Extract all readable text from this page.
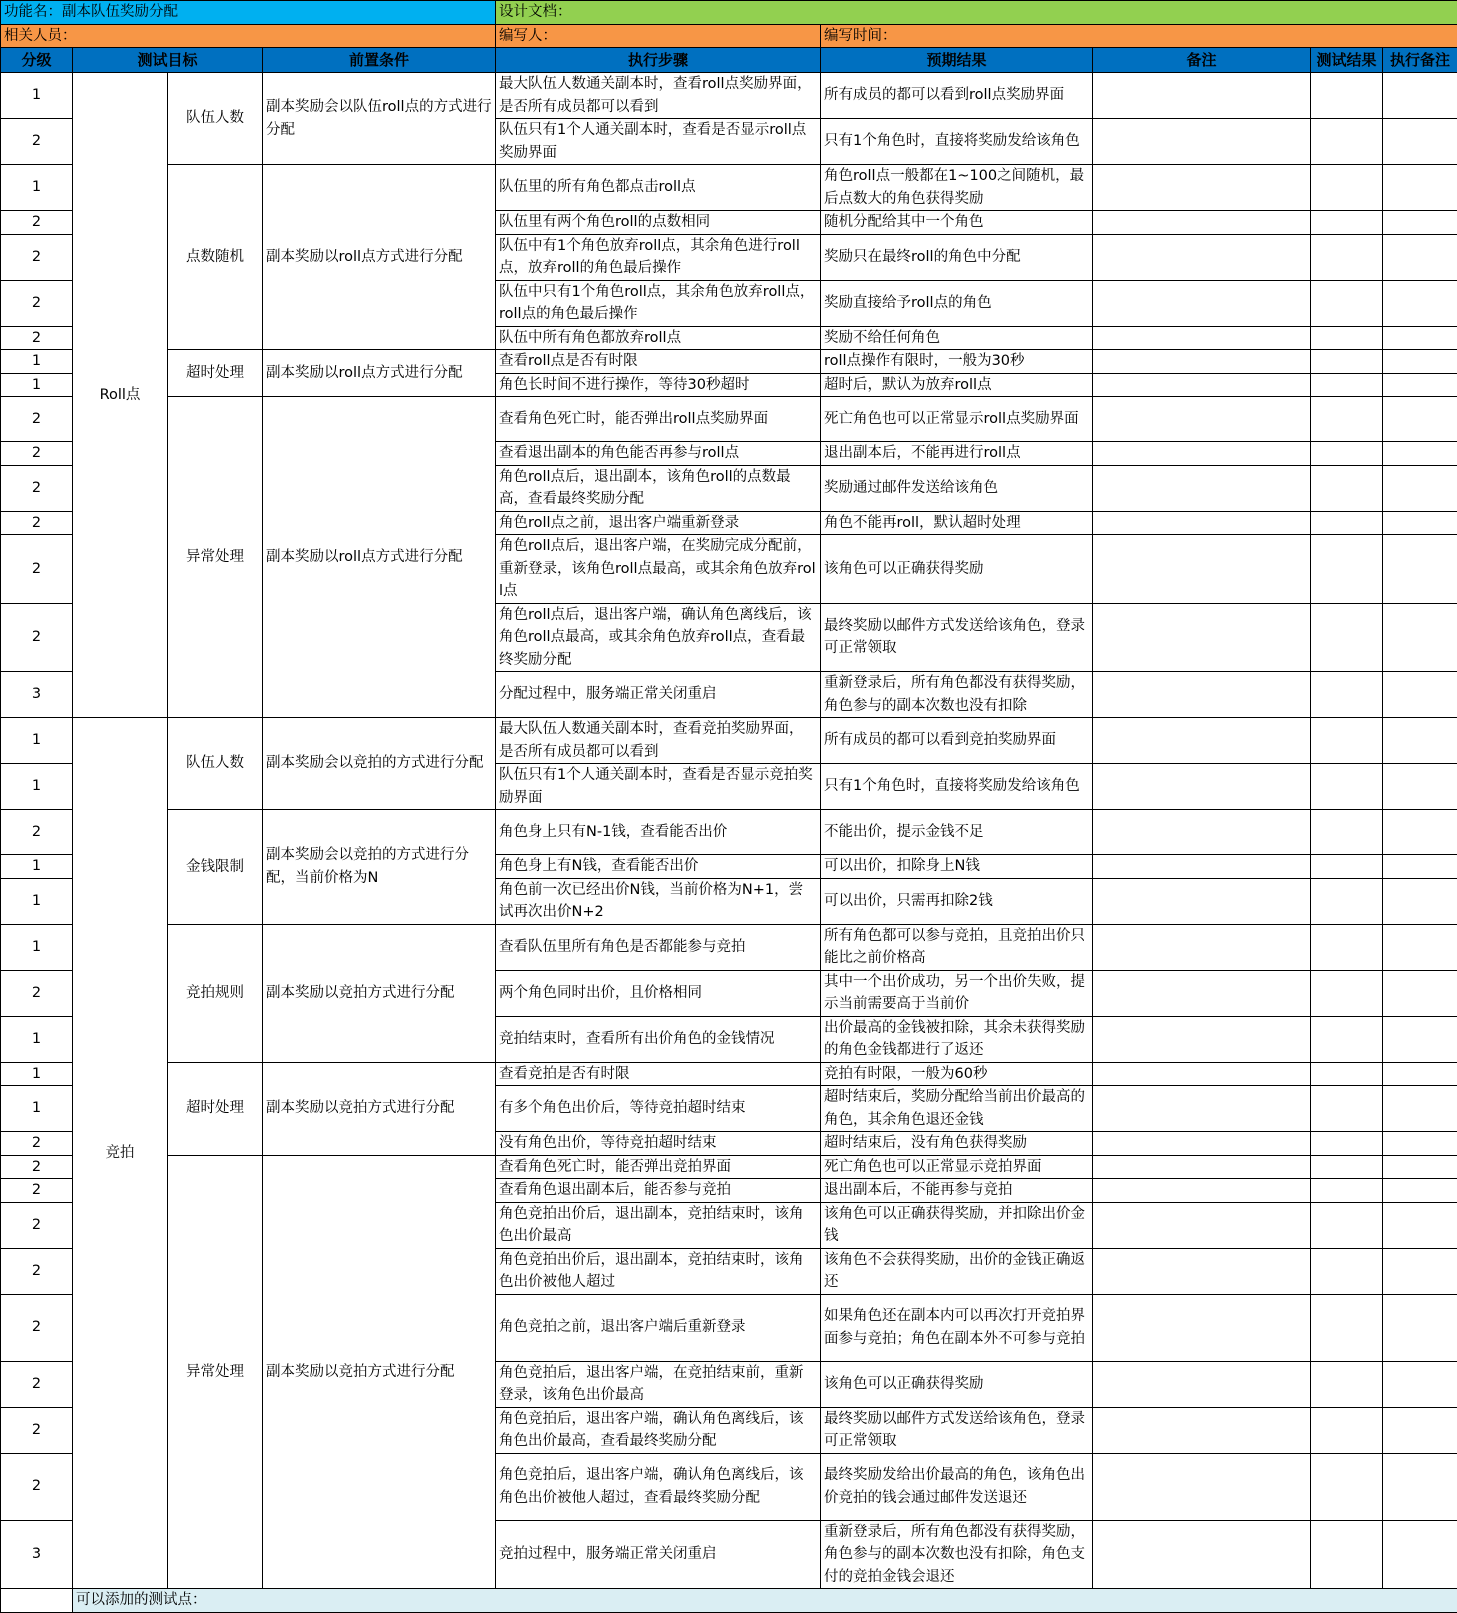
功能名：副本队伍奖励分配				设计文档：				
相关人员：				编写人：	编写时间：			
分级	测试目标		前置条件	执行步骤	预期结果	备注	测试结果	执行备注
1	Roll点	队伍人数	副本奖励会以队伍roll点的方式进行分配	最大队伍人数通关副本时，查看roll点奖励界面，是否所有成员都可以看到	所有成员的都可以看到roll点奖励界面			
2				队伍只有1个人通关副本时，查看是否显示roll点奖励界面	只有1个角色时，直接将奖励发给该角色			
1		点数随机	副本奖励以roll点方式进行分配	队伍里的所有角色都点击roll点	角色roll点一般都在1~100之间随机，最后点数大的角色获得奖励			
2				队伍里有两个角色roll的点数相同	随机分配给其中一个角色			
2				队伍中有1个角色放弃roll点，其余角色进行roll点，放弃roll的角色最后操作	奖励只在最终roll的角色中分配			
2				队伍中只有1个角色roll点，其余角色放弃roll点，roll点的角色最后操作	奖励直接给予roll点的角色			
2				队伍中所有角色都放弃roll点	奖励不给任何角色			
1		超时处理	副本奖励以roll点方式进行分配	查看roll点是否有时限	roll点操作有限时，一般为30秒			
1				角色长时间不进行操作，等待30秒超时	超时后，默认为放弃roll点			
2		异常处理	副本奖励以roll点方式进行分配	查看角色死亡时，能否弹出roll点奖励界面	死亡角色也可以正常显示roll点奖励界面			
2				查看退出副本的角色能否再参与roll点	退出副本后，不能再进行roll点			
2				角色roll点后，退出副本，该角色roll的点数最高，查看最终奖励分配	奖励通过邮件发送给该角色			
2				角色roll点之前，退出客户端重新登录	角色不能再roll，默认超时处理			
2				角色roll点后，退出客户端，在奖励完成分配前，重新登录，该角色roll点最高，或其余角色放弃roll点	该角色可以正确获得奖励			
2				角色roll点后，退出客户端，确认角色离线后，该角色roll点最高，或其余角色放弃roll点，查看最终奖励分配	最终奖励以邮件方式发送给该角色，登录可正常领取			
3				分配过程中，服务端正常关闭重启	重新登录后，所有角色都没有获得奖励，角色参与的副本次数也没有扣除			
1	竞拍	队伍人数	副本奖励会以竞拍的方式进行分配	最大队伍人数通关副本时，查看竞拍奖励界面，是否所有成员都可以看到	所有成员的都可以看到竞拍奖励界面			
1				队伍只有1个人通关副本时，查看是否显示竞拍奖励界面	只有1个角色时，直接将奖励发给该角色			
2		金钱限制	副本奖励会以竞拍的方式进行分配，当前价格为N	角色身上只有N-1钱，查看能否出价	不能出价，提示金钱不足			
1				角色身上有N钱，查看能否出价	可以出价，扣除身上N钱			
1				角色前一次已经出价N钱，当前价格为N+1，尝试再次出价N+2	可以出价，只需再扣除2钱			
1		竞拍规则	副本奖励以竞拍方式进行分配	查看队伍里所有角色是否都能参与竞拍	所有角色都可以参与竞拍，且竞拍出价只能比之前价格高			
2				两个角色同时出价，且价格相同	其中一个出价成功，另一个出价失败，提示当前需要高于当前价			
1				竞拍结束时，查看所有出价角色的金钱情况	出价最高的金钱被扣除，其余未获得奖励的角色金钱都进行了返还			
1		超时处理	副本奖励以竞拍方式进行分配	查看竞拍是否有时限	竞拍有时限，一般为60秒			
1				有多个角色出价后，等待竞拍超时结束	超时结束后，奖励分配给当前出价最高的角色，其余角色退还金钱			
2				没有角色出价，等待竞拍超时结束	超时结束后，没有角色获得奖励			
2		异常处理	副本奖励以竞拍方式进行分配	查看角色死亡时，能否弹出竞拍界面	死亡角色也可以正常显示竞拍界面			
2				查看角色退出副本后，能否参与竞拍	退出副本后，不能再参与竞拍			
2				角色竞拍出价后，退出副本，竞拍结束时，该角色出价最高	该角色可以正确获得奖励，并扣除出价金钱			
2				角色竞拍出价后，退出副本，竞拍结束时，该角色出价被他人超过	该角色不会获得奖励，出价的金钱正确返还			
2				角色竞拍之前，退出客户端后重新登录	如果角色还在副本内可以再次打开竞拍界面参与竞拍；角色在副本外不可参与竞拍			
2				角色竞拍后，退出客户端，在竞拍结束前，重新登录，该角色出价最高	该角色可以正确获得奖励			
2				角色竞拍后，退出客户端，确认角色离线后，该角色出价最高，查看最终奖励分配	最终奖励以邮件方式发送给该角色，登录可正常领取			
2				角色竞拍后，退出客户端，确认角色离线后，该角色出价被他人超过，查看最终奖励分配	最终奖励发给出价最高的角色，该角色出价竞拍的钱会通过邮件发送退还			
3				竞拍过程中，服务端正常关闭重启	重新登录后，所有角色都没有获得奖励，角色参与的副本次数也没有扣除，角色支付的竞拍金钱会退还			
	可以添加的测试点：							
